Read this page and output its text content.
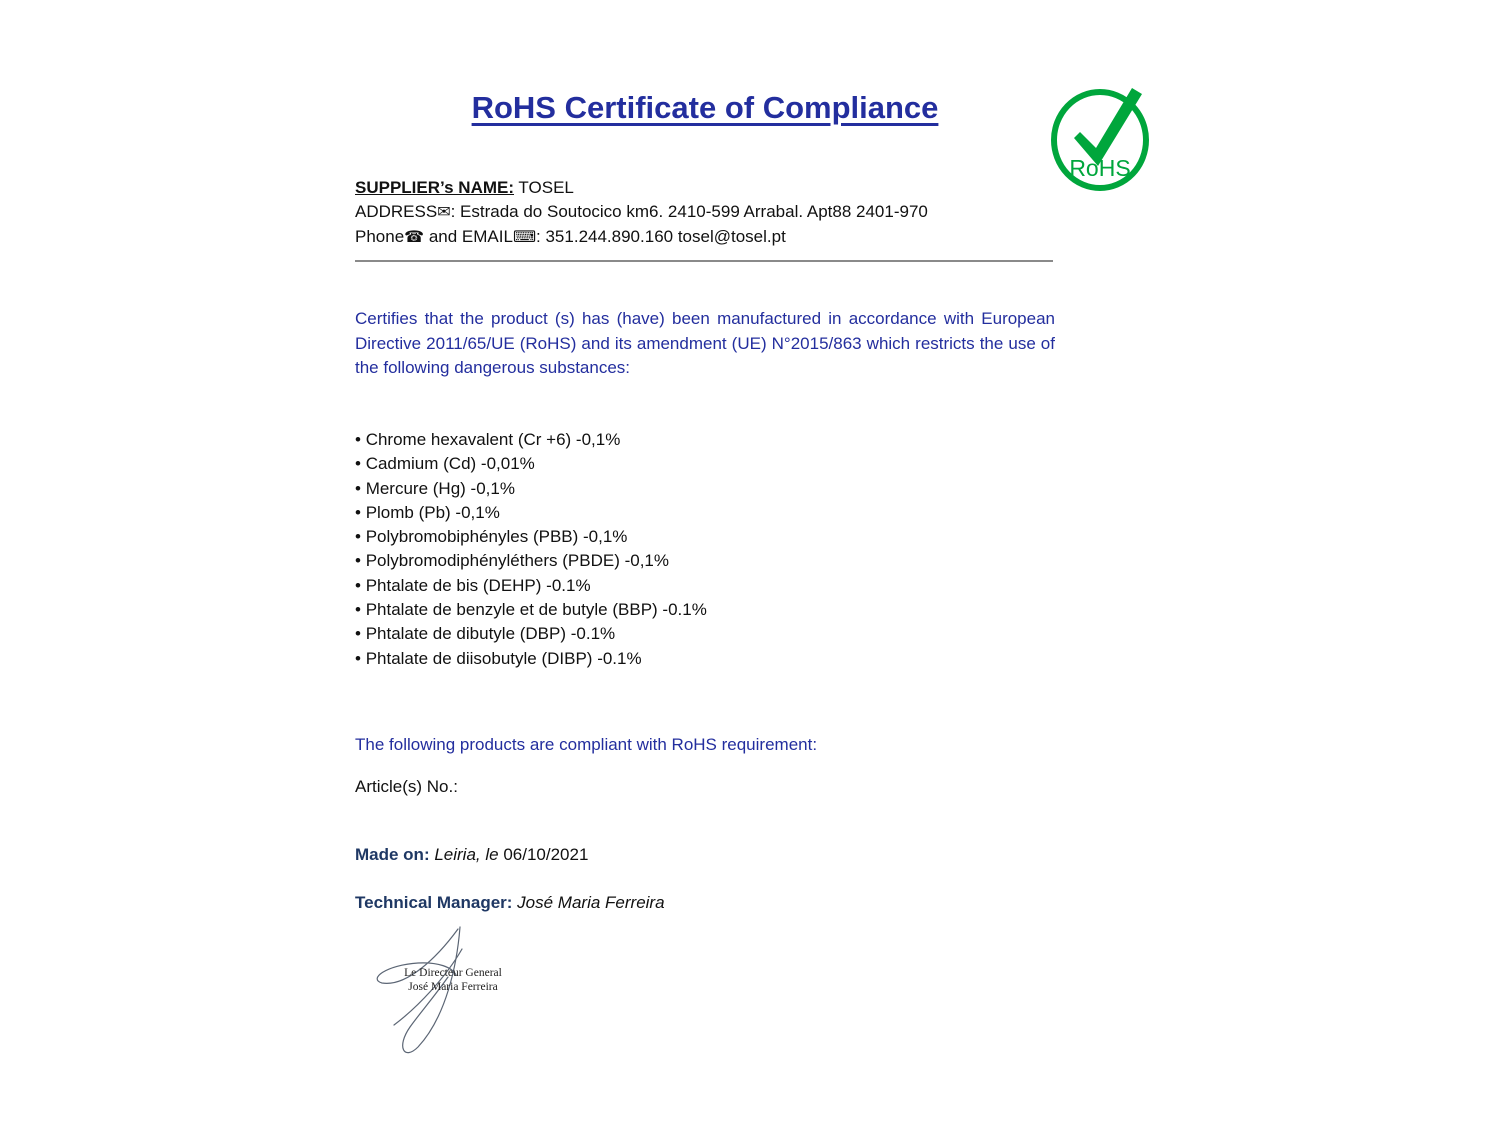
RoHS Certificate of Compliance
SUPPLIER’s NAME: TOSEL
ADDRESS✉: Estrada do Soutocico km6. 2410-599 Arrabal. Apt88 2401-970
Phone☎ and EMAIL⌨: 351.244.890.160 tosel@tosel.pt
Certifies that the product (s) has (have) been manufactured in accordance with European Directive 2011/65/UE (RoHS) and its amendment (UE) N°2015/863 which restricts the use of the following dangerous substances:
• Chrome hexavalent (Cr +6) -0,1%
• Cadmium (Cd) -0,01%
• Mercure (Hg) -0,1%
• Plomb (Pb) -0,1%
• Polybromobiphényles (PBB) -0,1%
• Polybromodiphényléthers (PBDE) -0,1%
• Phtalate de bis (DEHP) -0.1%
• Phtalate de benzyle et de butyle (BBP) -0.1%
• Phtalate de dibutyle (DBP) -0.1%
• Phtalate de diisobutyle (DIBP) -0.1%
The following products are compliant with RoHS requirement:
Article(s) No.:
Made on: Leiria, le 06/10/2021
Technical Manager: José Maria Ferreira
Le Directeur General
José Maria Ferreira
RoHS
